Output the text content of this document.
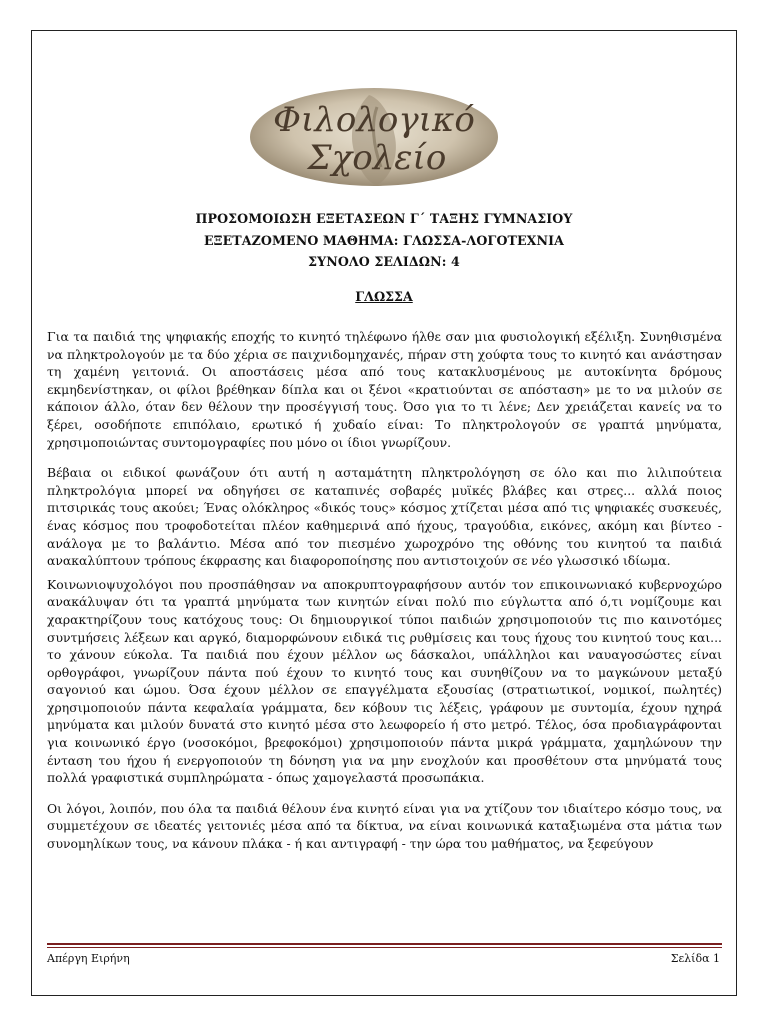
Φιλολογικό
Σχολείο
ΠΡΟΣΟΜΟΙΩΣΗ ΕΞΕΤΑΣΕΩΝ Γ΄ ΤΑΞΗΣ ΓΥΜΝΑΣΙΟΥ
ΕΞΕΤΑΖΟΜΕΝΟ ΜΑΘΗΜΑ: ΓΛΩΣΣΑ-ΛΟΓΟΤΕΧΝΙΑ
ΣΥΝΟΛΟ ΣΕΛΙΔΩΝ: 4
ΓΛΩΣΣΑ

Για τα παιδιά της ψηφιακής εποχής το κινητό τηλέφωνο ήλθε σαν μια φυσιολογική εξέλιξη. Συνηθισμένα να πληκτρολογούν με τα δύο χέρια σε παιχνιδομηχανές, πήραν στη χούφτα τους το κινητό και ανάστησαν τη χαμένη γειτονιά. Οι αποστάσεις μέσα από τους κατακλυσμένους με αυτοκίνητα δρόμους εκμηδενίστηκαν, οι φίλοι βρέθηκαν δίπλα και οι ξένοι «κρατιούνται σε απόσταση» με το να μιλούν σε κάποιον άλλο, όταν δεν θέλουν την προσέγγισή τους. Όσο για το τι λένε; Δεν χρειάζεται κανείς να το ξέρει, οσοδήποτε επιπόλαιο, ερωτικό ή χυδαίο είναι: Το πληκτρολογούν σε γραπτά μηνύματα, χρησιμοποιώντας συντομογραφίες που μόνο οι ίδιοι γνωρίζουν.

Βέβαια οι ειδικοί φωνάζουν ότι αυτή η ασταμάτητη πληκτρολόγηση σε όλο και πιο λιλιπούτεια πληκτρολόγια μπορεί να οδηγήσει σε καταπινές σοβαρές μυϊκές βλάβες και στρες... αλλά ποιος πιτσιρικάς τους ακούει; Ένας ολόκληρος «δικός τους» κόσμος χτίζεται μέσα από τις ψηφιακές συσκευές, ένας κόσμος που τροφοδοτείται πλέον καθημερινά από ήχους, τραγούδια, εικόνες, ακόμη και βίντεο - ανάλογα με το βαλάντιο. Μέσα από τον πιεσμένο χωροχρόνο της οθόνης του κινητού τα παιδιά ανακαλύπτουν τρόπους έκφρασης και διαφοροποίησης που αντιστοιχούν σε νέο γλωσσικό ιδίωμα.

Κοινωνιοψυχολόγοι που προσπάθησαν να αποκρυπτογραφήσουν αυτόν τον επικοινωνιακό κυβερνοχώρο ανακάλυψαν ότι τα γραπτά μηνύματα των κινητών είναι πολύ πιο εύγλωττα από ό,τι νομίζουμε και χαρακτηρίζουν τους κατόχους τους: Οι δημιουργικοί τύποι παιδιών χρησιμοποιούν τις πιο καινοτόμες συντμήσεις λέξεων και αργκό, διαμορφώνουν ειδικά τις ρυθμίσεις και τους ήχους του κινητού τους και... το χάνουν εύκολα. Τα παιδιά που έχουν μέλλον ως δάσκαλοι, υπάλληλοι και ναυαγοσώστες είναι ορθογράφοι, γνωρίζουν πάντα πού έχουν το κινητό τους και συνηθίζουν να το μαγκώνουν μεταξύ σαγονιού και ώμου. Όσα έχουν μέλλον σε επαγγέλματα εξουσίας (στρατιωτικοί, νομικοί, πωλητές) χρησιμοποιούν πάντα κεφαλαία γράμματα, δεν κόβουν τις λέξεις, γράφουν με συντομία, έχουν ηχηρά μηνύματα και μιλούν δυνατά στο κινητό μέσα στο λεωφορείο ή στο μετρό. Τέλος, όσα προδιαγράφονται για κοινωνικό έργο (νοσοκόμοι, βρεφοκόμοι) χρησιμοποιούν πάντα μικρά γράμματα, χαμηλώνουν την ένταση του ήχου ή ενεργοποιούν τη δόνηση για να μην ενοχλούν και προσθέτουν στα μηνύματά τους πολλά γραφιστικά συμπληρώματα - όπως χαμογελαστά προσωπάκια.

Οι λόγοι, λοιπόν, που όλα τα παιδιά θέλουν ένα κινητό είναι για να χτίζουν τον ιδιαίτερο κόσμο τους, να συμμετέχουν σε ιδεατές γειτονιές μέσα από τα δίκτυα, να είναι κοινωνικά καταξιωμένα στα μάτια των συνομηλίκων τους, να κάνουν πλάκα - ή και αντιγραφή - την ώρα του μαθήματος, να ξεφεύγουν

Απέργη Ειρήνη	Σελίδα 1
